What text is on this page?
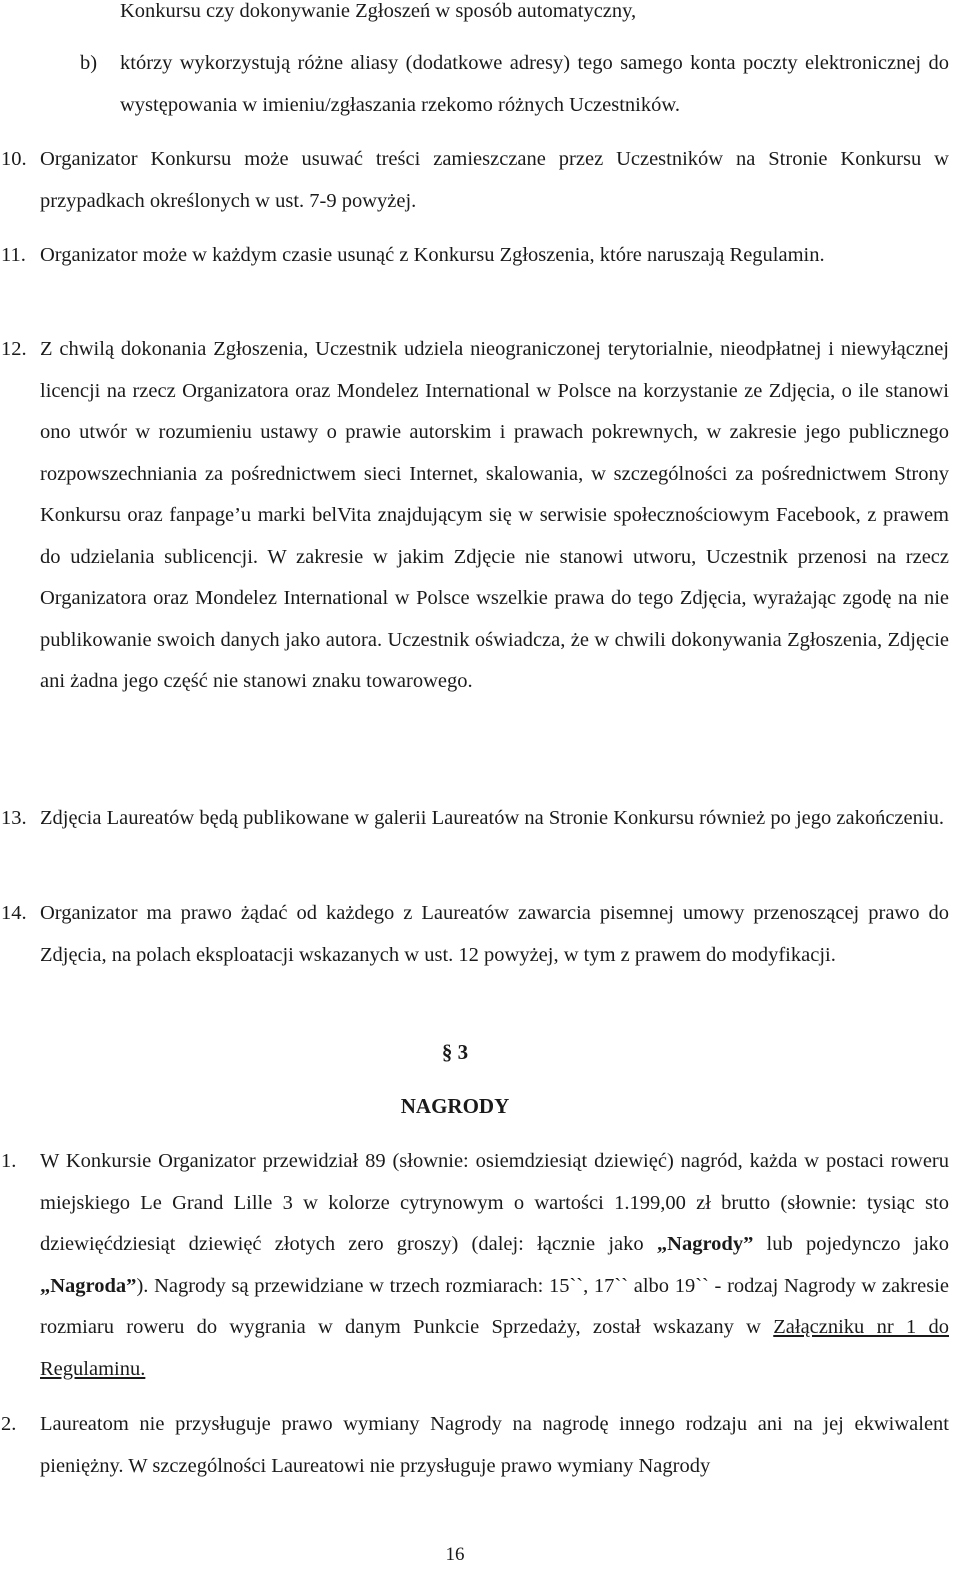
Konkursu czy dokonywanie Zgłoszeń w sposób automatyczny,
b) którzy wykorzystują różne aliasy (dodatkowe adresy) tego samego konta poczty elektronicznej do występowania w imieniu/zgłaszania rzekomo różnych Uczestników.
10. Organizator Konkursu może usuwać treści zamieszczane przez Uczestników na Stronie Konkursu w przypadkach określonych w ust. 7-9 powyżej.
11. Organizator może w każdym czasie usunąć z Konkursu Zgłoszenia, które naruszają Regulamin.
12. Z chwilą dokonania Zgłoszenia, Uczestnik udziela nieograniczonej terytorialnie, nieodpłatnej i niewyłącznej licencji na rzecz Organizatora oraz Mondelez International w Polsce na korzystanie ze Zdjęcia, o ile stanowi ono utwór w rozumieniu ustawy o prawie autorskim i prawach pokrewnych, w zakresie jego publicznego rozpowszechniania za pośrednictwem sieci Internet, skalowania, w szczególności za pośrednictwem Strony Konkursu oraz fanpage’u marki belVita znajdującym się w serwisie społecznościowym Facebook, z prawem do udzielania sublicencji. W zakresie w jakim Zdjęcie nie stanowi utworu, Uczestnik przenosi na rzecz Organizatora oraz Mondelez International w Polsce wszelkie prawa do tego Zdjęcia, wyrażając zgodę na nie publikowanie swoich danych jako autora. Uczestnik oświadcza, że w chwili dokonywania Zgłoszenia, Zdjęcie ani żadna jego część nie stanowi znaku towarowego.
13. Zdjęcia Laureatów będą publikowane w galerii Laureatów na Stronie Konkursu również po jego zakończeniu.
14. Organizator ma prawo żądać od każdego z Laureatów zawarcia pisemnej umowy przenoszącej prawo do Zdjęcia, na polach eksploatacji wskazanych w ust. 12 powyżej, w tym z prawem do modyfikacji.
§ 3
NAGRODY
1.	W Konkursie Organizator przewidział 89 (słownie: osiemdziesiąt dziewięć) nagród, każda w postaci roweru miejskiego Le Grand Lille 3 w kolorze cytrynowym o wartości 1.199,00 zł brutto (słownie: tysiąc sto dziewięćdziesiąt dziewięć złotych zero groszy) (dalej: łącznie jako „Nagrody” lub pojedynczo jako „Nagroda”). Nagrody są przewidziane w trzech rozmiarach: 15``, 17`` albo 19`` - rodzaj Nagrody w zakresie rozmiaru roweru do wygrania w danym Punkcie Sprzedaży, został wskazany w Załączniku nr 1 do Regulaminu.
2.	Laureatom nie przysługuje prawo wymiany Nagrody na nagrodę innego rodzaju ani na jej ekwiwalent pieniężny. W szczególności Laureatowi nie przysługuje prawo wymiany Nagrody
16
